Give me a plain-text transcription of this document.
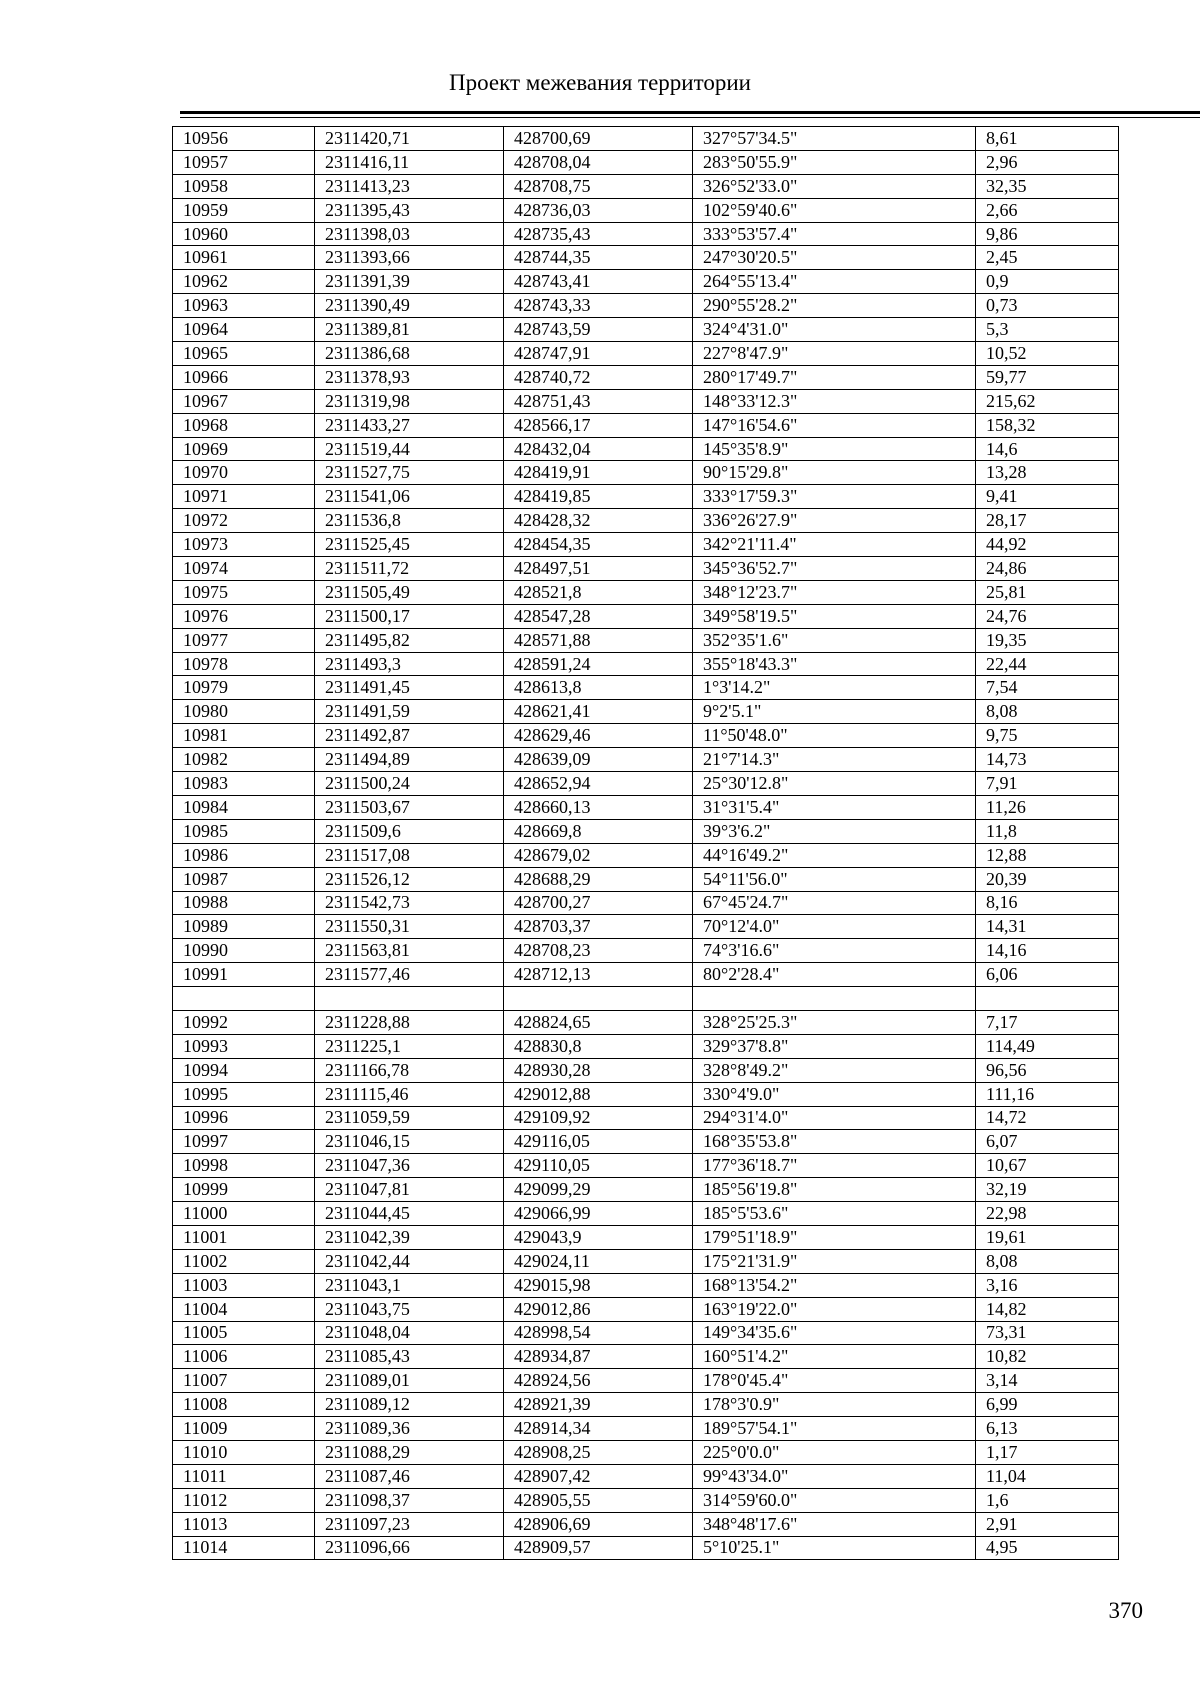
Проект межевания территории
10956	2311420,71	428700,69	327°57'34.5"	8,61
10957	2311416,11	428708,04	283°50'55.9"	2,96
10958	2311413,23	428708,75	326°52'33.0"	32,35
10959	2311395,43	428736,03	102°59'40.6"	2,66
10960	2311398,03	428735,43	333°53'57.4"	9,86
10961	2311393,66	428744,35	247°30'20.5"	2,45
10962	2311391,39	428743,41	264°55'13.4"	0,9
10963	2311390,49	428743,33	290°55'28.2"	0,73
10964	2311389,81	428743,59	324°4'31.0"	5,3
10965	2311386,68	428747,91	227°8'47.9"	10,52
10966	2311378,93	428740,72	280°17'49.7"	59,77
10967	2311319,98	428751,43	148°33'12.3"	215,62
10968	2311433,27	428566,17	147°16'54.6"	158,32
10969	2311519,44	428432,04	145°35'8.9"	14,6
10970	2311527,75	428419,91	90°15'29.8"	13,28
10971	2311541,06	428419,85	333°17'59.3"	9,41
10972	2311536,8	428428,32	336°26'27.9"	28,17
10973	2311525,45	428454,35	342°21'11.4"	44,92
10974	2311511,72	428497,51	345°36'52.7"	24,86
10975	2311505,49	428521,8	348°12'23.7"	25,81
10976	2311500,17	428547,28	349°58'19.5"	24,76
10977	2311495,82	428571,88	352°35'1.6"	19,35
10978	2311493,3	428591,24	355°18'43.3"	22,44
10979	2311491,45	428613,8	1°3'14.2"	7,54
10980	2311491,59	428621,41	9°2'5.1"	8,08
10981	2311492,87	428629,46	11°50'48.0"	9,75
10982	2311494,89	428639,09	21°7'14.3"	14,73
10983	2311500,24	428652,94	25°30'12.8"	7,91
10984	2311503,67	428660,13	31°31'5.4"	11,26
10985	2311509,6	428669,8	39°3'6.2"	11,8
10986	2311517,08	428679,02	44°16'49.2"	12,88
10987	2311526,12	428688,29	54°11'56.0"	20,39
10988	2311542,73	428700,27	67°45'24.7"	8,16
10989	2311550,31	428703,37	70°12'4.0"	14,31
10990	2311563,81	428708,23	74°3'16.6"	14,16
10991	2311577,46	428712,13	80°2'28.4"	6,06

10992	2311228,88	428824,65	328°25'25.3"	7,17
10993	2311225,1	428830,8	329°37'8.8"	114,49
10994	2311166,78	428930,28	328°8'49.2"	96,56
10995	2311115,46	429012,88	330°4'9.0"	111,16
10996	2311059,59	429109,92	294°31'4.0"	14,72
10997	2311046,15	429116,05	168°35'53.8"	6,07
10998	2311047,36	429110,05	177°36'18.7"	10,67
10999	2311047,81	429099,29	185°56'19.8"	32,19
11000	2311044,45	429066,99	185°5'53.6"	22,98
11001	2311042,39	429043,9	179°51'18.9"	19,61
11002	2311042,44	429024,11	175°21'31.9"	8,08
11003	2311043,1	429015,98	168°13'54.2"	3,16
11004	2311043,75	429012,86	163°19'22.0"	14,82
11005	2311048,04	428998,54	149°34'35.6"	73,31
11006	2311085,43	428934,87	160°51'4.2"	10,82
11007	2311089,01	428924,56	178°0'45.4"	3,14
11008	2311089,12	428921,39	178°3'0.9"	6,99
11009	2311089,36	428914,34	189°57'54.1"	6,13
11010	2311088,29	428908,25	225°0'0.0"	1,17
11011	2311087,46	428907,42	99°43'34.0"	11,04
11012	2311098,37	428905,55	314°59'60.0"	1,6
11013	2311097,23	428906,69	348°48'17.6"	2,91
11014	2311096,66	428909,57	5°10'25.1"	4,95
370
